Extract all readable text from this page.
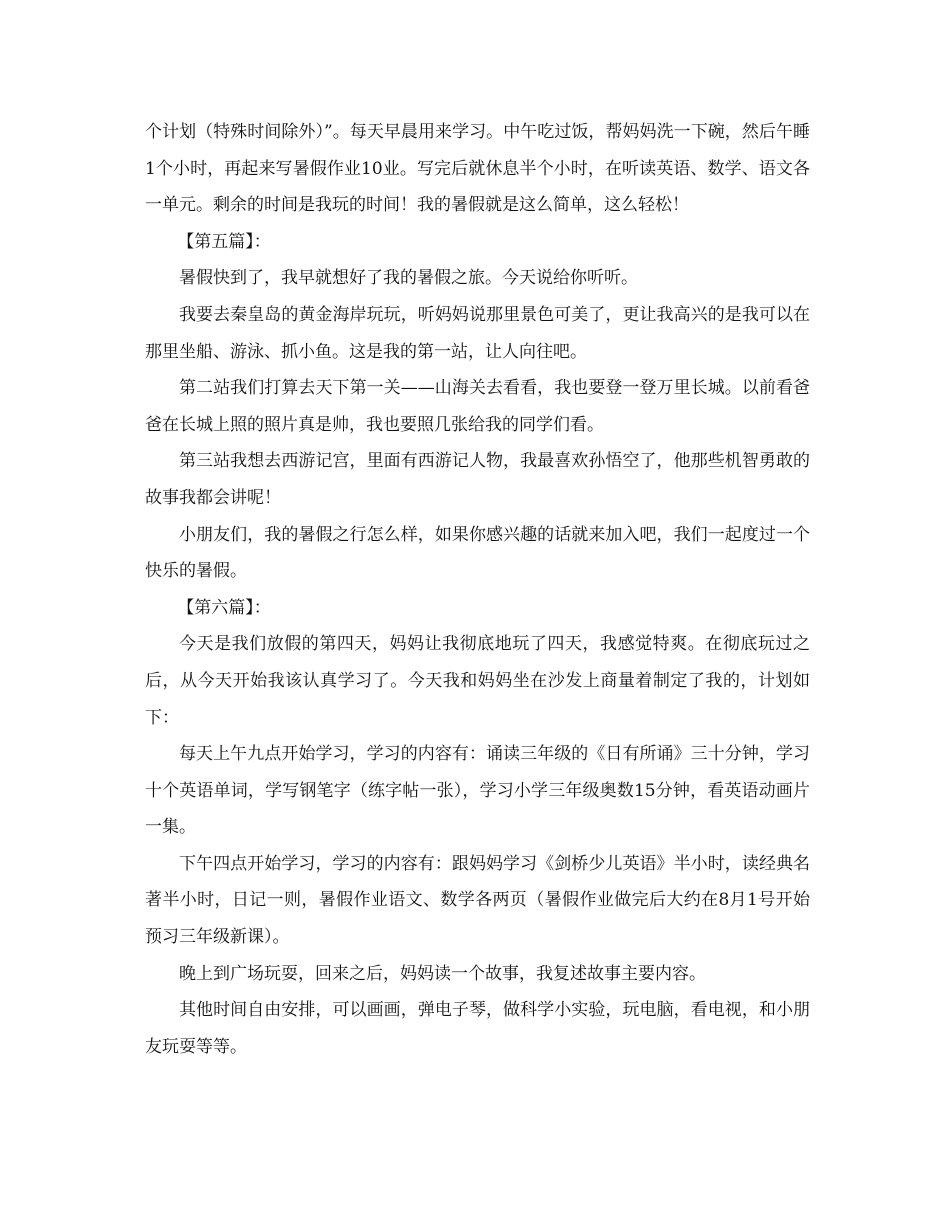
个计划（特殊时间除外）”。每天早晨用来学习。中午吃过饭，帮妈妈洗一下碗，然后午睡1个小时，再起来写暑假作业10业。写完后就休息半个小时，在听读英语、数学、语文各一单元。剩余的时间是我玩的时间！我的暑假就是这么简单，这么轻松！

【第五篇】：

暑假快到了，我早就想好了我的暑假之旅。今天说给你听听。

我要去秦皇岛的黄金海岸玩玩，听妈妈说那里景色可美了，更让我高兴的是我可以在那里坐船、游泳、抓小鱼。这是我的第一站，让人向往吧。

第二站我们打算去天下第一关——山海关去看看，我也要登一登万里长城。以前看爸爸在长城上照的照片真是帅，我也要照几张给我的同学们看。

第三站我想去西游记宫，里面有西游记人物，我最喜欢孙悟空了，他那些机智勇敢的故事我都会讲呢！

小朋友们，我的暑假之行怎么样，如果你感兴趣的话就来加入吧，我们一起度过一个快乐的暑假。

【第六篇】：

今天是我们放假的第四天，妈妈让我彻底地玩了四天，我感觉特爽。在彻底玩过之后，从今天开始我该认真学习了。今天我和妈妈坐在沙发上商量着制定了我的，计划如下：

每天上午九点开始学习，学习的内容有：诵读三年级的《日有所诵》三十分钟，学习十个英语单词，学写钢笔字（练字帖一张），学习小学三年级奥数15分钟，看英语动画片一集。

下午四点开始学习，学习的内容有：跟妈妈学习《剑桥少儿英语》半小时，读经典名著半小时，日记一则，暑假作业语文、数学各两页（暑假作业做完后大约在8月1号开始预习三年级新课）。

晚上到广场玩耍，回来之后，妈妈读一个故事，我复述故事主要内容。

其他时间自由安排，可以画画，弹电子琴，做科学小实验，玩电脑，看电视，和小朋友玩耍等等。
